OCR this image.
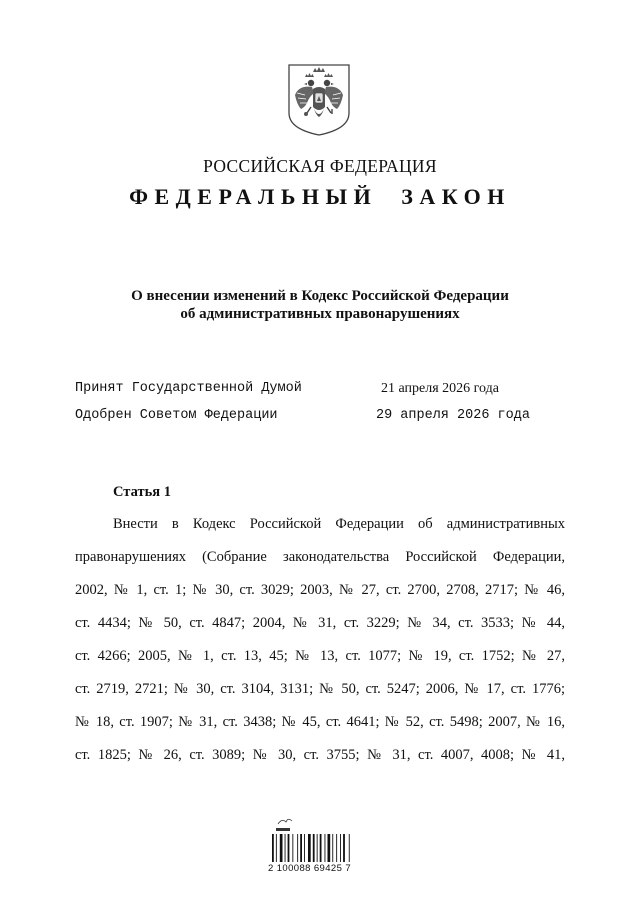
РОССИЙСКАЯ ФЕДЕРАЦИЯ
ФЕДЕРАЛЬНЫЙ ЗАКОН
О внесении изменений в Кодекс Российской Федерации
об административных правонарушениях
Принят Государственной Думой	21 апреля 2026 года
Одобрен Советом Федерации	29 апреля 2026 года
Статья 1
Внести в Кодекс Российской Федерации об административных
правонарушениях (Собрание законодательства Российской Федерации,
2002, № 1, ст. 1; № 30, ст. 3029; 2003, № 27, ст. 2700, 2708, 2717; № 46,
ст. 4434; № 50, ст. 4847; 2004, № 31, ст. 3229; № 34, ст. 3533; № 44,
ст. 4266; 2005, № 1, ст. 13, 45; № 13, ст. 1077; № 19, ст. 1752; № 27,
ст. 2719, 2721; № 30, ст. 3104, 3131; № 50, ст. 5247; 2006, № 17, ст. 1776;
№ 18, ст. 1907; № 31, ст. 3438; № 45, ст. 4641; № 52, ст. 5498; 2007, № 16,
ст. 1825; № 26, ст. 3089; № 30, ст. 3755; № 31, ст. 4007, 4008; № 41,
2 100088 69425 7
